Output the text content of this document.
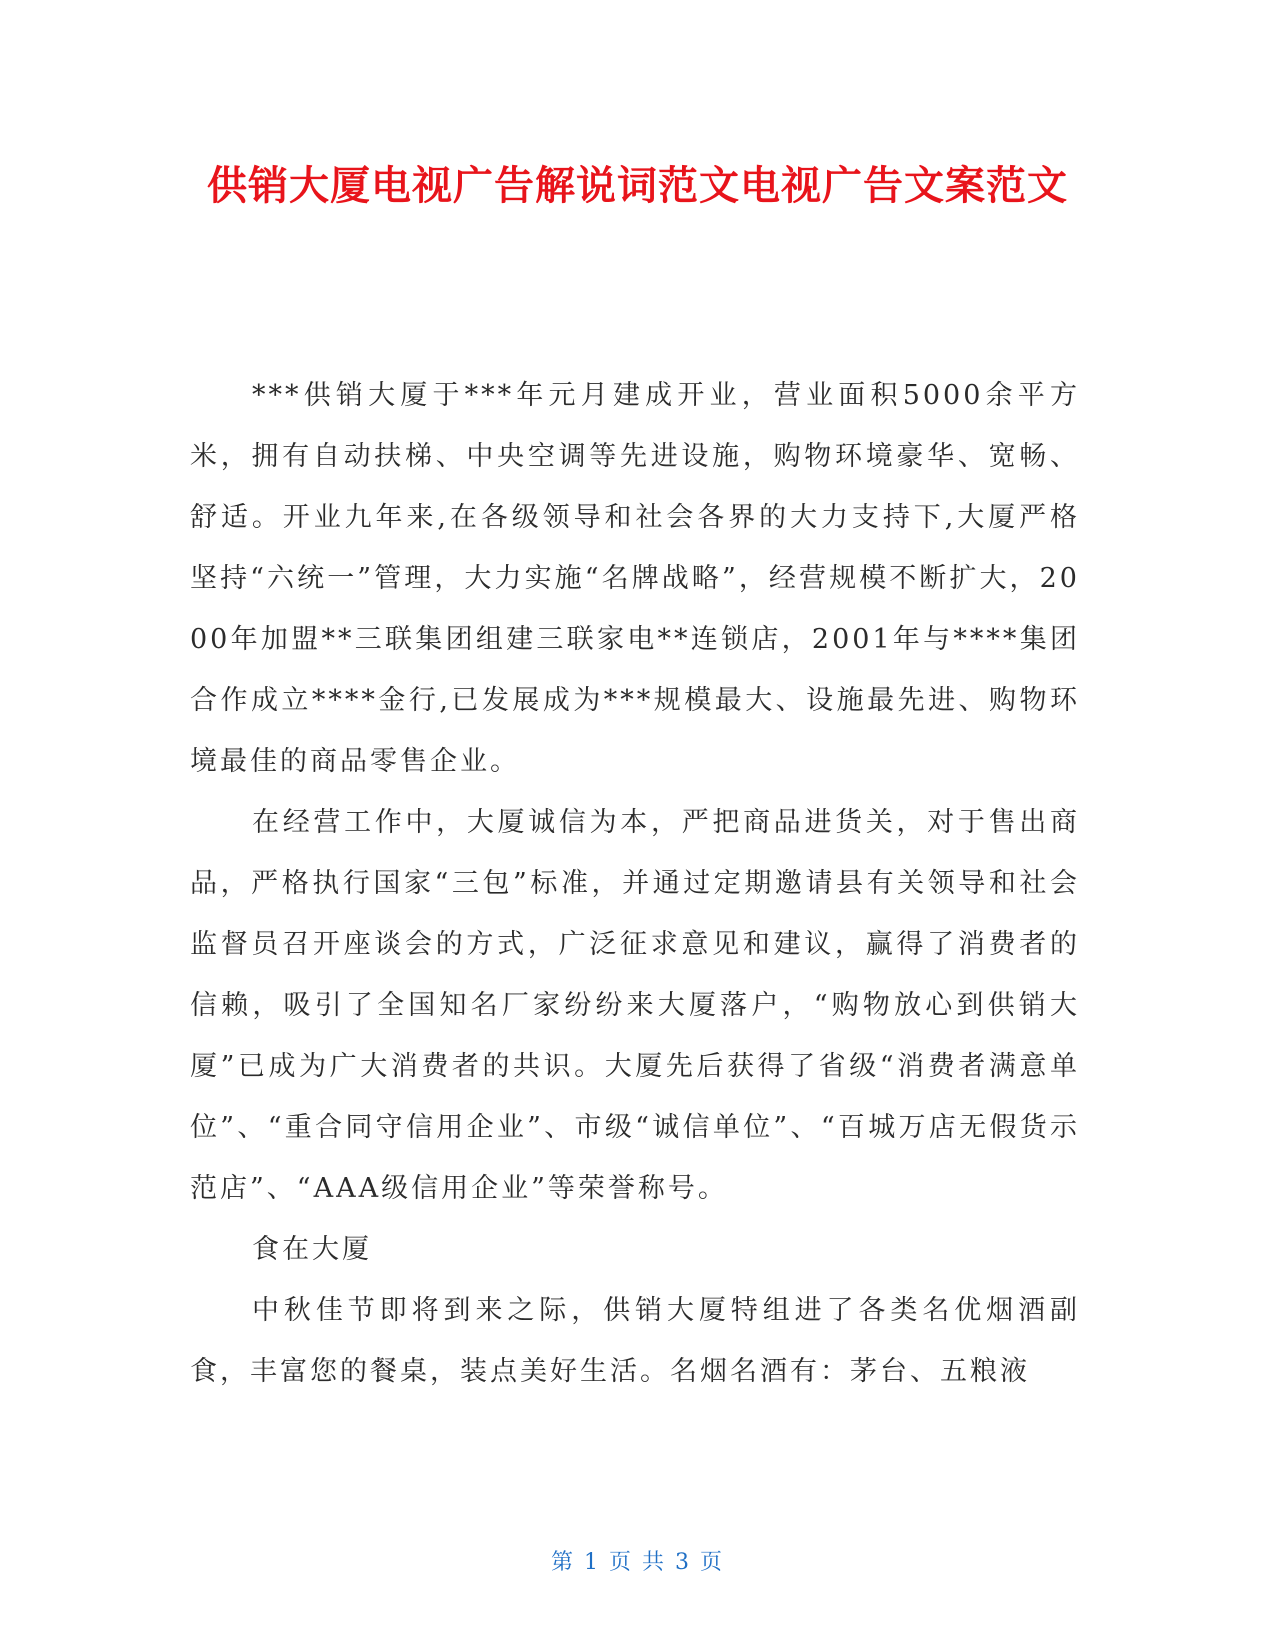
供销大厦电视广告解说词范文电视广告文案范文

***供销大厦于***年元月建成开业，营业面积5000余平方米，拥有自动扶梯、中央空调等先进设施，购物环境豪华、宽畅、舒适。开业九年来,在各级领导和社会各界的大力支持下,大厦严格坚持“六统一”管理，大力实施“名牌战略”，经营规模不断扩大，2000年加盟**三联集团组建三联家电**连锁店，2001年与****集团合作成立****金行,已发展成为***规模最大、设施最先进、购物环境最佳的商品零售企业。

在经营工作中，大厦诚信为本，严把商品进货关，对于售出商品，严格执行国家“三包”标准，并通过定期邀请县有关领导和社会监督员召开座谈会的方式，广泛征求意见和建议，赢得了消费者的信赖，吸引了全国知名厂家纷纷来大厦落户，“购物放心到供销大厦”已成为广大消费者的共识。大厦先后获得了省级“消费者满意单位”、“重合同守信用企业”、市级“诚信单位”、“百城万店无假货示范店”、“AAA级信用企业”等荣誉称号。

食在大厦

中秋佳节即将到来之际，供销大厦特组进了各类名优烟酒副食，丰富您的餐桌，装点美好生活。名烟名酒有：茅台、五粮液

第 1 页 共 3 页
